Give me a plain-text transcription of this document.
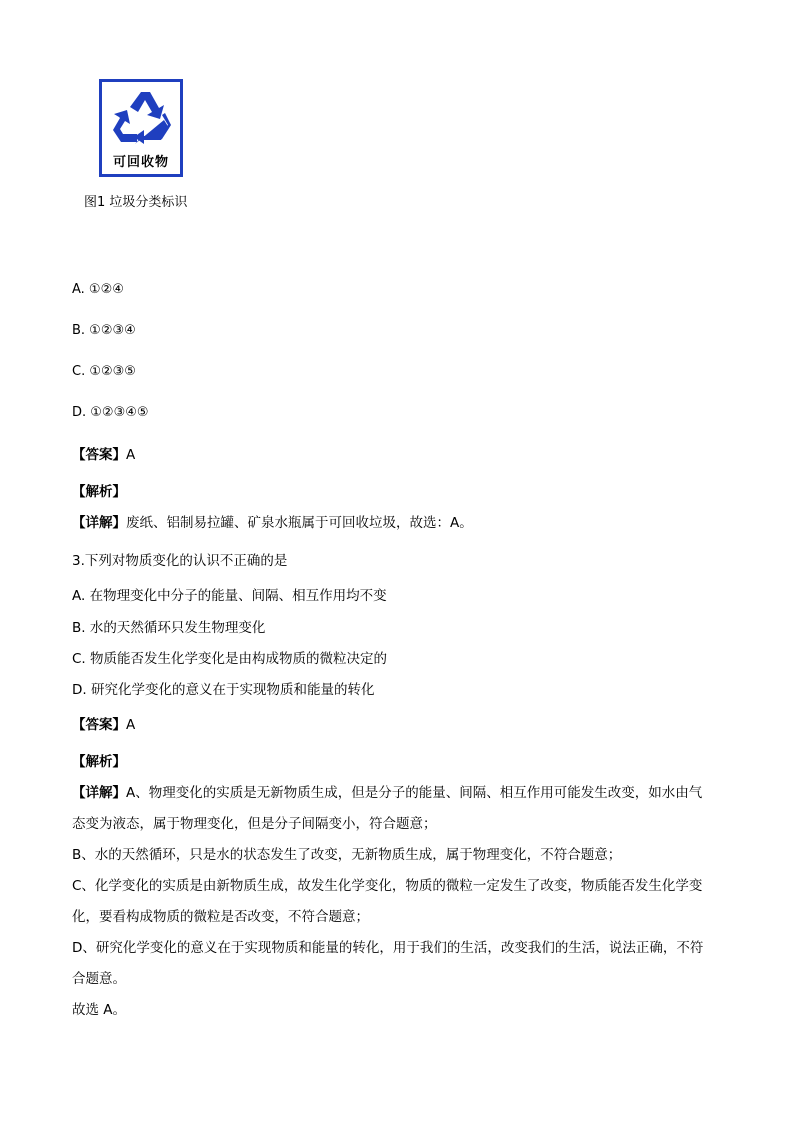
可回收物
图1 垃圾分类标识
A. ①②④
B. ①②③④
C. ①②③⑤
D. ①②③④⑤
【答案】A
【解析】
【详解】废纸、铝制易拉罐、矿泉水瓶属于可回收垃圾，故选：A。
3.下列对物质变化的认识不正确的是
A. 在物理变化中分子的能量、间隔、相互作用均不变
B. 水的天然循环只发生物理变化
C. 物质能否发生化学变化是由构成物质的微粒决定的
D. 研究化学变化的意义在于实现物质和能量的转化
【答案】A
【解析】
【详解】A、物理变化的实质是无新物质生成，但是分子的能量、间隔、相互作用可能发生改变，如水由气
态变为液态，属于物理变化，但是分子间隔变小，符合题意；
B、水的天然循环，只是水的状态发生了改变，无新物质生成，属于物理变化，不符合题意；
C、化学变化的实质是由新物质生成，故发生化学变化，物质的微粒一定发生了改变，物质能否发生化学变
化，要看构成物质的微粒是否改变，不符合题意；
D、研究化学变化的意义在于实现物质和能量的转化，用于我们的生活，改变我们的生活，说法正确，不符
合题意。
故选 A。
